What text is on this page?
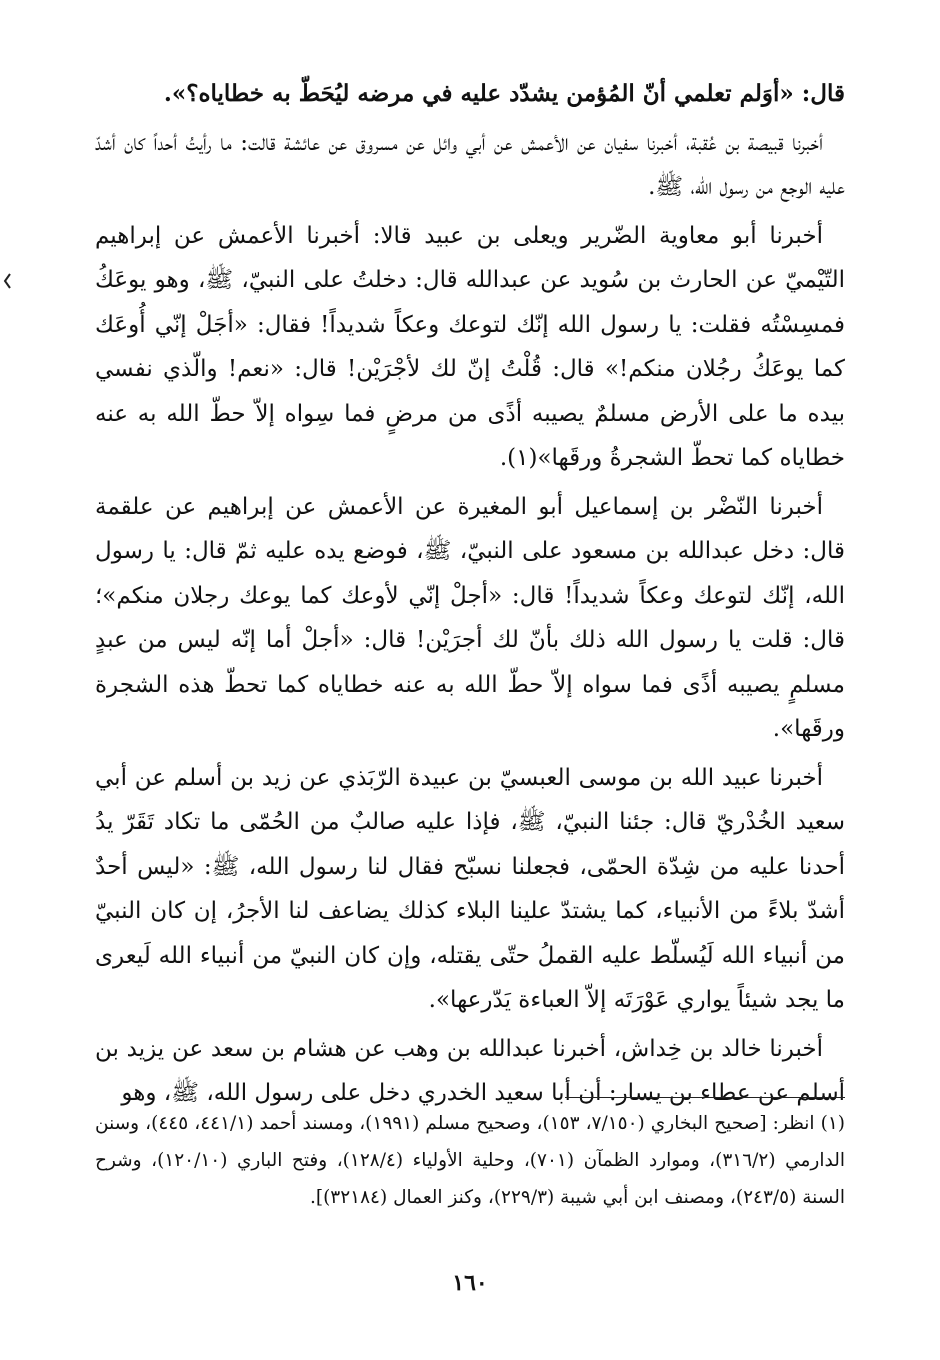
قال: «أوَلم تعلمي أنّ المُؤمن يشدّد عليه في مرضه ليُحَطّ به خطاياه؟».

أخبرنا قبيصة بن عُقبة، أخبرنا سفيان عن الأعمش عن أبي وائل عن مسروق عن عائشة قالت: ما رأيتُ أحداً كان أشدّ عليه الوجع من رسول الله، ﷺ.

أخبرنا أبو معاوية الضّرير ويعلى بن عبيد قالا: أخبرنا الأعمش عن إبراهيم التّيْميّ عن الحارث بن سُويد عن عبدالله قال: دخلتُ على النبيّ، ﷺ، وهو يوعَكُ فمسِسْتُه فقلت: يا رسول الله إنّك لتوعك وعكاً شديداً! فقال: «أجَلْ إنّي أُوعَك كما يوعَكُ رجُلان منكم!» قال: قُلْتُ إنّ لك لأجْرَيْن! قال: «نعم! والّذي نفسي بيده ما على الأرض مسلمٌ يصيبه أذًى من مرضٍ فما سِواه إلاّ حطّ الله به عنه خطاياه كما تحطّ الشجرةُ ورقَها»(١).

أخبرنا النّضْر بن إسماعيل أبو المغيرة عن الأعمش عن إبراهيم عن علقمة قال: دخل عبدالله بن مسعود على النبيّ، ﷺ، فوضع يده عليه ثمّ قال: يا رسول الله، إنّك لتوعك وعكاً شديداً! قال: «أجلْ إنّي لأوعك كما يوعك رجلان منكم»؛ قال: قلت يا رسول الله ذلك بأنّ لك أجرَيْن! قال: «أجلْ أما إنّه ليس من عبدٍ مسلمٍ يصيبه أذًى فما سواه إلاّ حطّ الله به عنه خطاياه كما تحطّ هذه الشجرة ورقَها».

أخبرنا عبيد الله بن موسى العبسيّ بن عبيدة الرّبَذي عن زيد بن أسلم عن أبي سعيد الخُدْريّ قال: جئنا النبيّ، ﷺ، فإذا عليه صالبٌ من الحُمّى ما تكاد تَقَرّ يدُ أحدنا عليه من شِدّة الحمّى، فجعلنا نسبّح فقال لنا رسول الله، ﷺ: «ليس أحدٌ أشدّ بلاءً من الأنبياء، كما يشتدّ علينا البلاء كذلك يضاعف لنا الأجرُ، إن كان النبيّ من أنبياء الله لَيُسلّط عليه القملُ حتّى يقتله، وإن كان النبيّ من أنبياء الله لَيعرى ما يجد شيئاً يواري عَوْرَتَه إلاّ العباءة يَدّرعها».

أخبرنا خالد بن خِداش، أخبرنا عبدالله بن وهب عن هشام بن سعد عن يزيد بن أسلم عن عطاء بن يسار: أن أبا سعيد الخدري دخل على رسول الله، ﷺ، وهو

(١) انظر: [صحيح البخاري (٧/١٥٠، ١٥٣)، وصحيح مسلم (١٩٩١)، ومسند أحمد (٤٤١/١، ٤٤٥)، وسنن الدارمي (٣١٦/٢)، وموارد الظمآن (٧٠١)، وحلية الأولياء (١٢٨/٤)، وفتح الباري (١٢٠/١٠)، وشرح السنة (٢٤٣/٥)، ومصنف ابن أبي شيبة (٢٢٩/٣)، وكنز العمال (٣٢١٨٤)].

١٦٠
